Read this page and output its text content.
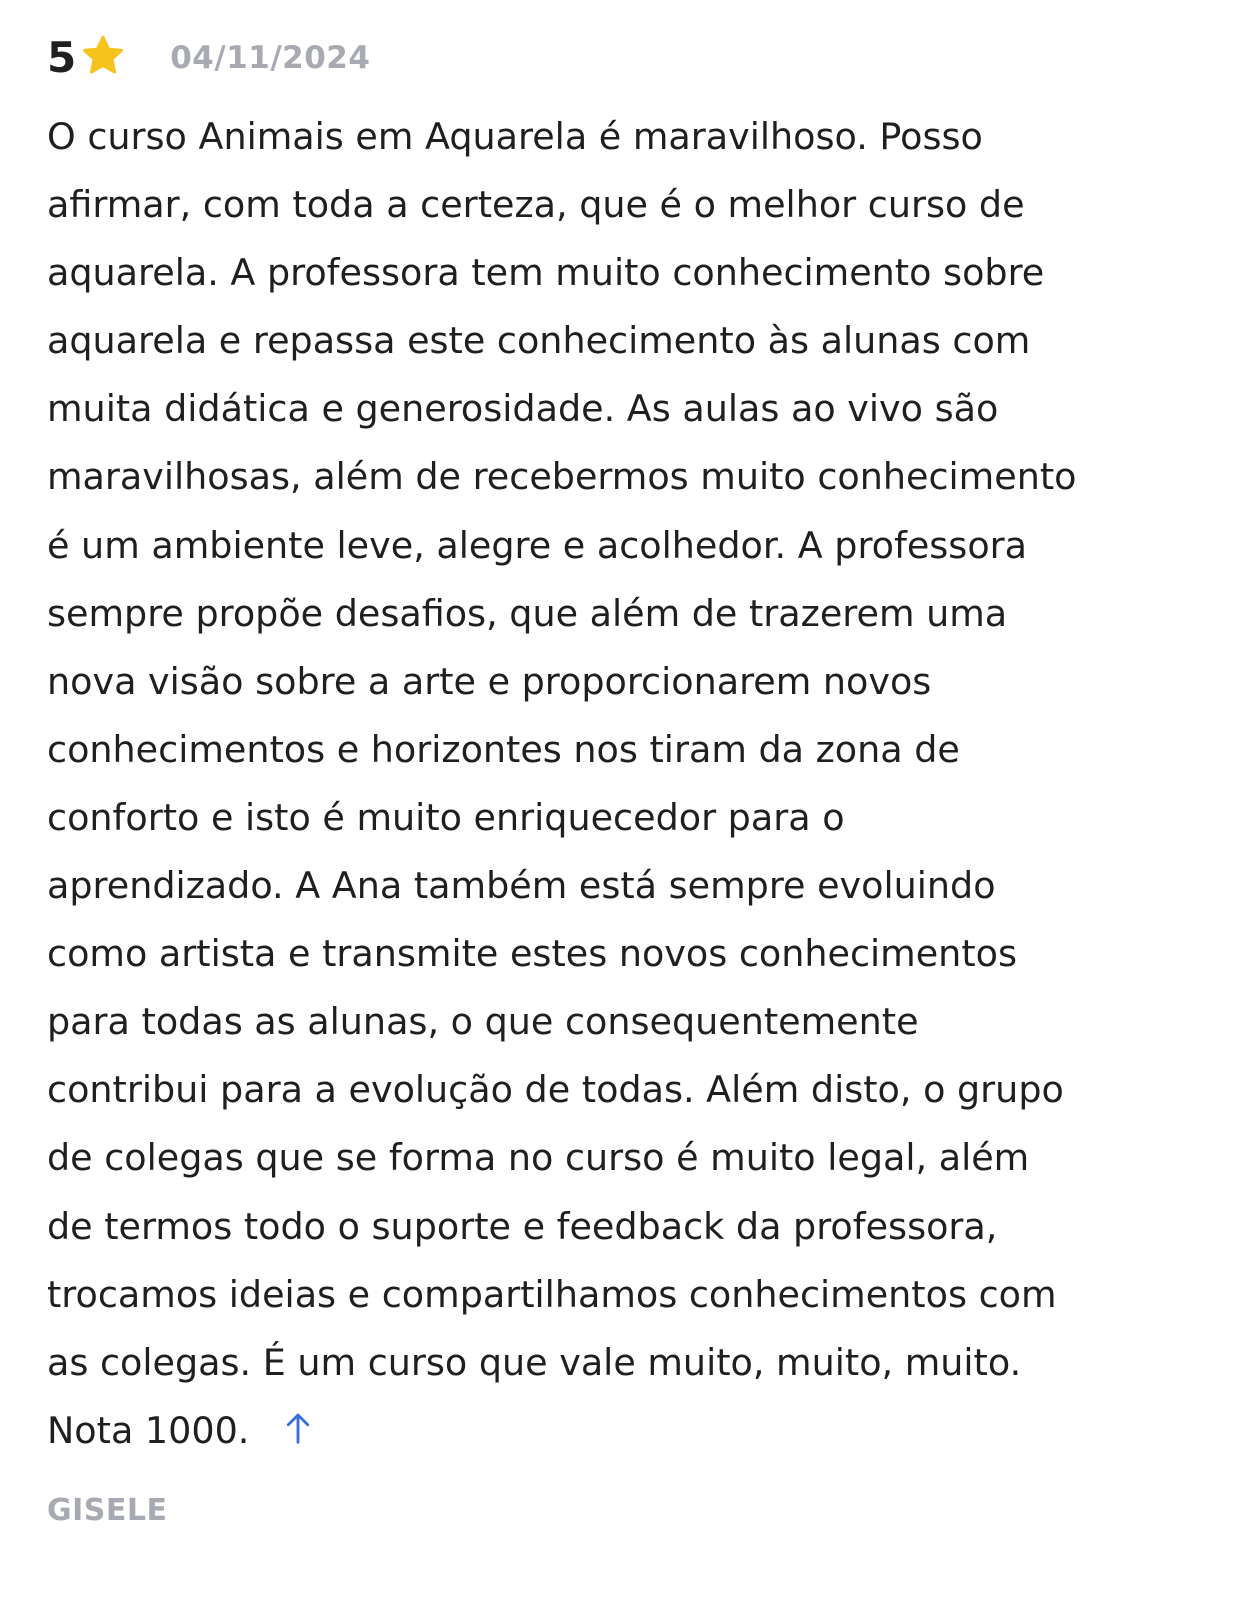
5	04/11/2024

O curso Animais em Aquarela é maravilhoso. Posso
afirmar, com toda a certeza, que é o melhor curso de
aquarela. A professora tem muito conhecimento sobre
aquarela e repassa este conhecimento às alunas com
muita didática e generosidade. As aulas ao vivo são
maravilhosas, além de recebermos muito conhecimento
é um ambiente leve, alegre e acolhedor. A professora
sempre propõe desafios, que além de trazerem uma
nova visão sobre a arte e proporcionarem novos
conhecimentos e horizontes nos tiram da zona de
conforto e isto é muito enriquecedor para o
aprendizado. A Ana também está sempre evoluindo
como artista e transmite estes novos conhecimentos
para todas as alunas, o que consequentemente
contribui para a evolução de todas. Além disto, o grupo
de colegas que se forma no curso é muito legal, além
de termos todo o suporte e feedback da professora,
trocamos ideias e compartilhamos conhecimentos com
as colegas. É um curso que vale muito, muito, muito.
Nota 1000.

GISELE
